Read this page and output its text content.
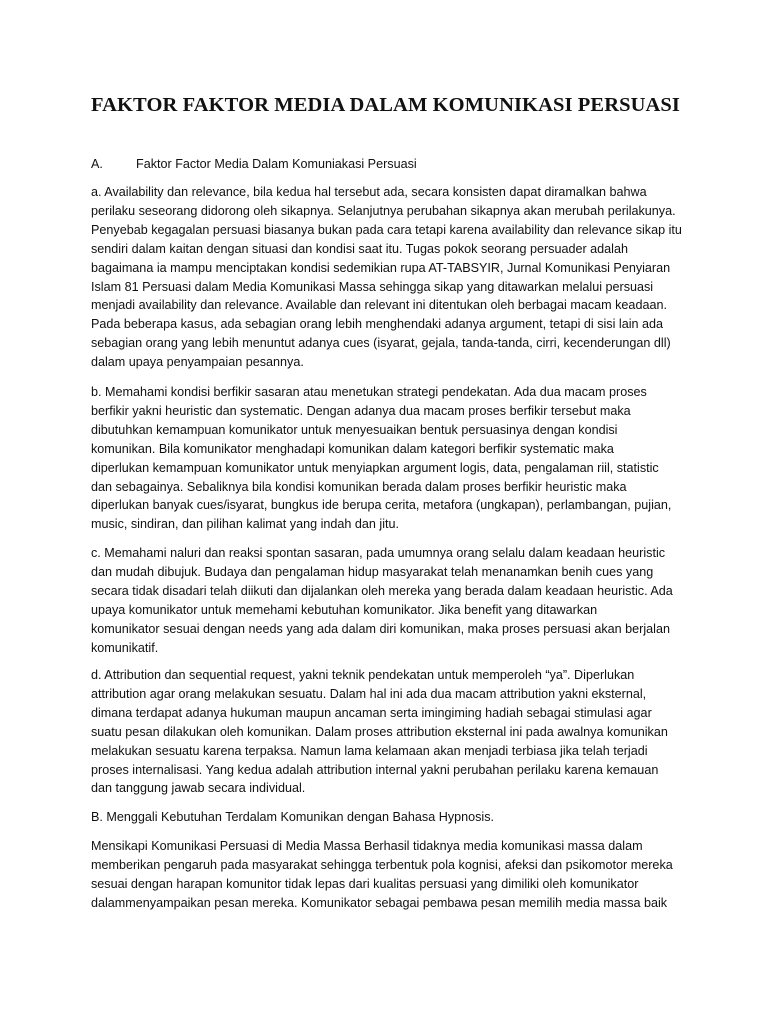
FAKTOR FAKTOR MEDIA DALAM KOMUNIKASI PERSUASI
A.	Faktor Factor Media Dalam Komuniakasi Persuasi

a. Availability dan relevance, bila kedua hal tersebut ada, secara konsisten dapat diramalkan bahwa
perilaku seseorang didorong oleh sikapnya. Selanjutnya perubahan sikapnya akan merubah perilakunya.
Penyebab kegagalan persuasi biasanya bukan pada cara tetapi karena availability dan relevance sikap itu
sendiri dalam kaitan dengan situasi dan kondisi saat itu. Tugas pokok seorang persuader adalah
bagaimana ia mampu menciptakan kondisi sedemikian rupa AT-TABSYIR, Jurnal Komunikasi Penyiaran
Islam 81 Persuasi dalam Media Komunikasi Massa sehingga sikap yang ditawarkan melalui persuasi
menjadi availability dan relevance. Available dan relevant ini ditentukan oleh berbagai macam keadaan.
Pada beberapa kasus, ada sebagian orang lebih menghendaki adanya argument, tetapi di sisi lain ada
sebagian orang yang lebih menuntut adanya cues (isyarat, gejala, tanda-tanda, cirri, kecenderungan dll)
dalam upaya penyampaian pesannya.

b. Memahami kondisi berfikir sasaran atau menetukan strategi pendekatan. Ada dua macam proses
berfikir yakni heuristic dan systematic. Dengan adanya dua macam proses berfikir tersebut maka
dibutuhkan kemampuan komunikator untuk menyesuaikan bentuk persuasinya dengan kondisi
komunikan. Bila komunikator menghadapi komunikan dalam kategori berfikir systematic maka
diperlukan kemampuan komunikator untuk menyiapkan argument logis, data, pengalaman riil, statistic
dan sebagainya. Sebaliknya bila kondisi komunikan berada dalam proses berfikir heuristic maka
diperlukan banyak cues/isyarat, bungkus ide berupa cerita, metafora (ungkapan), perlambangan, pujian,
music, sindiran, dan pilihan kalimat yang indah dan jitu.

c. Memahami naluri dan reaksi spontan sasaran, pada umumnya orang selalu dalam keadaan heuristic
dan mudah dibujuk. Budaya dan pengalaman hidup masyarakat telah menanamkan benih cues yang
secara tidak disadari telah diikuti dan dijalankan oleh mereka yang berada dalam keadaan heuristic. Ada
upaya komunikator untuk memehami kebutuhan komunikator. Jika benefit yang ditawarkan
komunikator sesuai dengan needs yang ada dalam diri komunikan, maka proses persuasi akan berjalan
komunikatif.

d. Attribution dan sequential request, yakni teknik pendekatan untuk memperoleh “ya”. Diperlukan
attribution agar orang melakukan sesuatu. Dalam hal ini ada dua macam attribution yakni eksternal,
dimana terdapat adanya hukuman maupun ancaman serta imingiming hadiah sebagai stimulasi agar
suatu pesan dilakukan oleh komunikan. Dalam proses attribution eksternal ini pada awalnya komunikan
melakukan sesuatu karena terpaksa. Namun lama kelamaan akan menjadi terbiasa jika telah terjadi
proses internalisasi. Yang kedua adalah attribution internal yakni perubahan perilaku karena kemauan
dan tanggung jawab secara individual.

B. Menggali Kebutuhan Terdalam Komunikan dengan Bahasa Hypnosis.

Mensikapi Komunikasi Persuasi di Media Massa Berhasil tidaknya media komunikasi massa dalam
memberikan pengaruh pada masyarakat sehingga terbentuk pola kognisi, afeksi dan psikomotor mereka
sesuai dengan harapan komunitor tidak lepas dari kualitas persuasi yang dimiliki oleh komunikator
dalammenyampaikan pesan mereka. Komunikator sebagai pembawa pesan memilih media massa baik
